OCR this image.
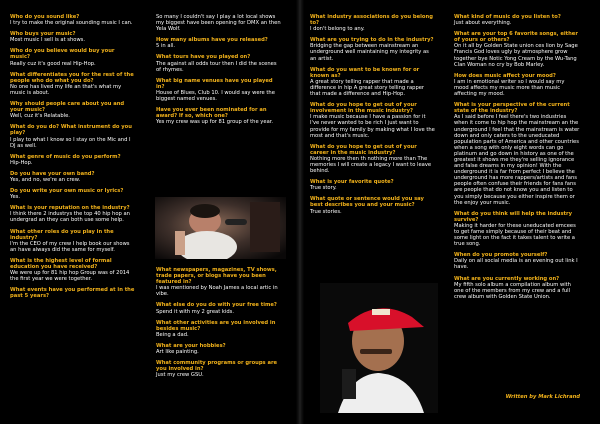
Who do you sound like?
I try to make the original sounding music I can.
Who buys your music?
Most music I sell is at shows.
Who do you believe would buy your music?
Really cuz it's good real Hip-Hop.
What differentiates you for the rest of the people who do what you do?
No one has lived my life an that's what my music is about.
Why should people care about you and your music?
Well, cuz it's Relatable.
What do you do? What instrument do you play?
I play to what I know so I stay on the Mic and I DJ as well.
What genre of music do you perform?
Hip-Hop.
Do you have your own band?
Yes, and no, we're an crew.
Do you write your own music or lyrics?
Yes.
What is your reputation on the industry?
I think there 2 industrys the top 40 hip hop an undergrad an they can both use some help.
What other roles do you play in the industry?
I'm the CEO of my crew I help book our shows an have always did the same for myself.
What is the highest level of formal education you have received?
We were up for 81 hip hop Group was of 2014 the first year we were together.
What events have you performed at in the past 5 years?
So many I couldn't say I play a lot local shows my biggest have been opening for DMX an then Yela Wolf.
How many albums have you released?
5 in all.
What tours have you played on?
The against all odds tour then I did the scenes of rhymes.
What big name venues have you played in?
House of Blues, Club 10. I would say were the biggest named venues.
Have you ever been nominated for an award? If so, which one?
Yes my crew was up for 81 group of the year.
What newspapers, magazines, TV shows, trade papers, or blogs have you been featured in?
I was mentioned by Noah James a local artic in vibe.
What else do you do with your free time?
Spend it with my 2 great kids.
What other activities are you involved in besides music?
Being a dad.
What are your hobbies?
Art like painting.
What community programs or groups are you involved in?
Just my crew GSU.
What industry associations do you belong to?
I don't belong to any.
What are you trying to do in the industry?
Bridging the gap between mainstream an underground well maintaining my integrity as an artist.
What do you want to be known for or known as?
A great story telling rapper that made a difference in hip A great story telling rapper that made a difference and Hip-Hop.
What do you hope to get out of your involvement in the music industry?
I make music because I have a passion for it I've never wanted to be rich I just want to provide for my family by making what I love the most and that's music.
What do you hope to get out of your career in the music industry?
Nothing more then th nothing more than The memories I will create a legacy I want to leave behind.
What is your favorite quote?
True story.
What quote or sentence would you say best describes you and your music?
True stories.
What kind of music do you listen to?
Just about everything.
What are your top 6 favorite songs, either of yours or others?
On it all by Golden State union ces lion by Sage Francis God loves ugly by atmosphere grow together bye Notic Yong Cream by the Wu-Tang Clan Woman no cry by Bob Marley.
How does music affect your mood?
I am in emotional writer so I would say my mood affects my music more than music affecting my mood.
What is your perspective of the current state of the industry?
As I said before I feel there's two industries when it come to hip hop the mainstream an the underground I feel that the mainstream is water down and only caters to the uneducated population parts of America and other countries when a song with only eight words can go platinum and go down in history as one of the greatest it shows me they're selling ignorance and false dreams in my opinion! With the underground it is far from perfect I believe the underground has more rappers/artists and fans people often confuse their friends for fans fans are people that do not know you and listen to you simply because you either inspire them or the enjoy your music.
What do you think will help the industry survive?
Making it harder for these uneducated emcees to get fame simply because of their beat and some light on the fact it takes talent to write a true song.
When do you promote yourself?
Daily on all social media is an evening out link I have.
What are you currently working on?
My fifth solo album a compilation album with one of the members from my crew and a full crew album with Golden State Union.
Written by Mark Lichrand
